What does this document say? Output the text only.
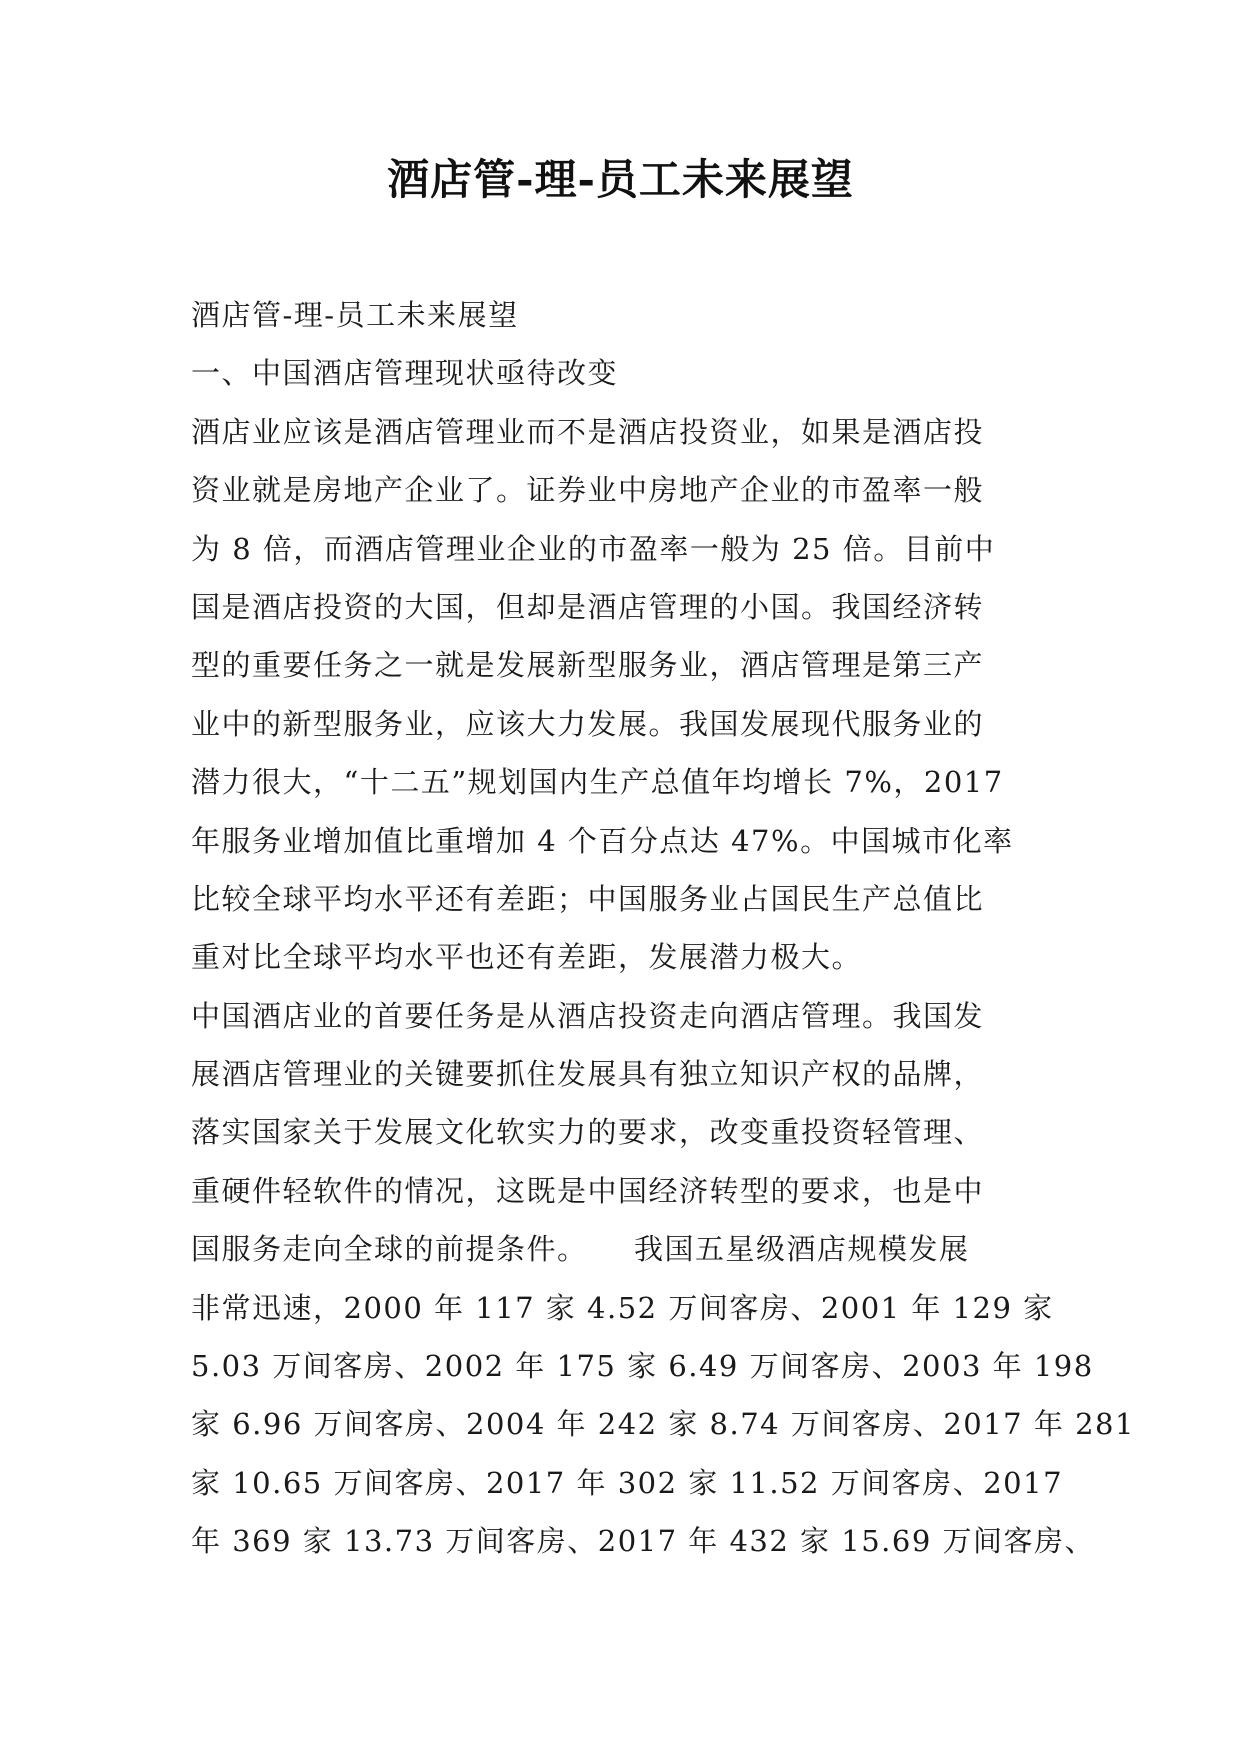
酒店管-理-员工未来展望
酒店管-理-员工未来展望
一、中国酒店管理现状亟待改变
酒店业应该是酒店管理业而不是酒店投资业，如果是酒店投
资业就是房地产企业了。证券业中房地产企业的市盈率一般
为 8 倍，而酒店管理业企业的市盈率一般为 25 倍。目前中
国是酒店投资的大国，但却是酒店管理的小国。我国经济转
型的重要任务之一就是发展新型服务业，酒店管理是第三产
业中的新型服务业，应该大力发展。我国发展现代服务业的
潜力很大，“十二五”规划国内生产总值年均增长 7%，2017
年服务业增加值比重增加 4 个百分点达 47%。中国城市化率
比较全球平均水平还有差距；中国服务业占国民生产总值比
重对比全球平均水平也还有差距，发展潜力极大。
中国酒店业的首要任务是从酒店投资走向酒店管理。我国发
展酒店管理业的关键要抓住发展具有独立知识产权的品牌，
落实国家关于发展文化软实力的要求，改变重投资轻管理、
重硬件轻软件的情况，这既是中国经济转型的要求，也是中
国服务走向全球的前提条件。　　我国五星级酒店规模发展
非常迅速，2000 年 117 家 4.52 万间客房、2001 年 129 家
5.03 万间客房、2002 年 175 家 6.49 万间客房、2003 年 198
家 6.96 万间客房、2004 年 242 家 8.74 万间客房、2017 年 281
家 10.65 万间客房、2017 年 302 家 11.52 万间客房、2017
年 369 家 13.73 万间客房、2017 年 432 家 15.69 万间客房、
